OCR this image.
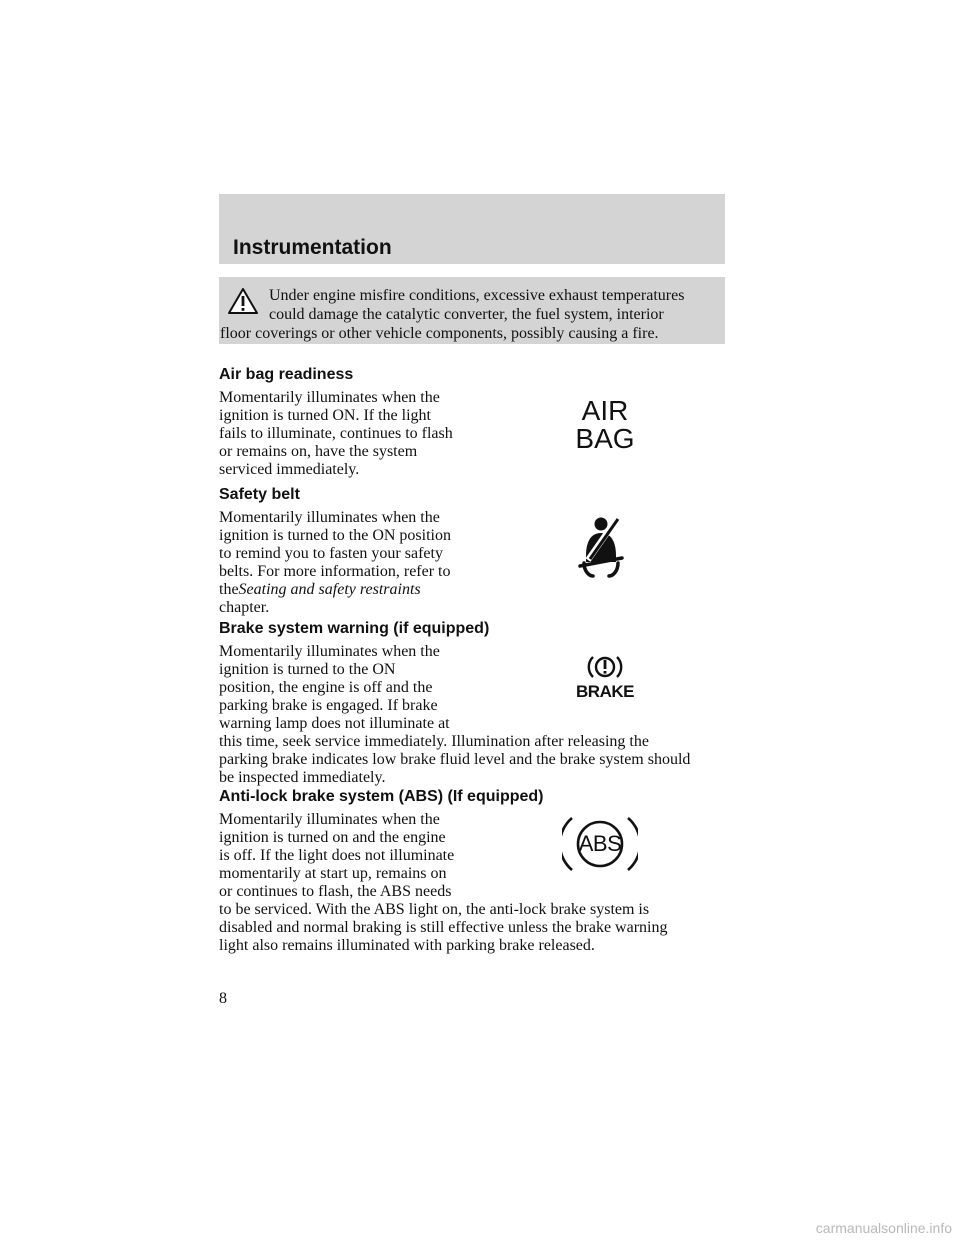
Instrumentation
Under engine misfire conditions, excessive exhaust temperatures
could damage the catalytic converter, the fuel system, interior
floor coverings or other vehicle components, possibly causing a fire.
Air bag readiness
Momentarily illuminates when the
ignition is turned ON. If the light
fails to illuminate, continues to flash
or remains on, have the system
serviced immediately.
AIR
BAG
Safety belt
Momentarily illuminates when the
ignition is turned to the ON position
to remind you to fasten your safety
belts. For more information, refer to
theSeating and safety restraints
chapter.
Brake system warning (if equipped)
Momentarily illuminates when the
ignition is turned to the ON
position, the engine is off and the
parking brake is engaged. If brake
warning lamp does not illuminate at
this time, seek service immediately. Illumination after releasing the
parking brake indicates low brake fluid level and the brake system should
be inspected immediately.
BRAKE
Anti-lock brake system (ABS) (If equipped)
Momentarily illuminates when the
ignition is turned on and the engine
is off. If the light does not illuminate
momentarily at start up, remains on
or continues to flash, the ABS needs
to be serviced. With the ABS light on, the anti-lock brake system is
disabled and normal braking is still effective unless the brake warning
light also remains illuminated with parking brake released.
ABS
8
carmanualsonline.info
